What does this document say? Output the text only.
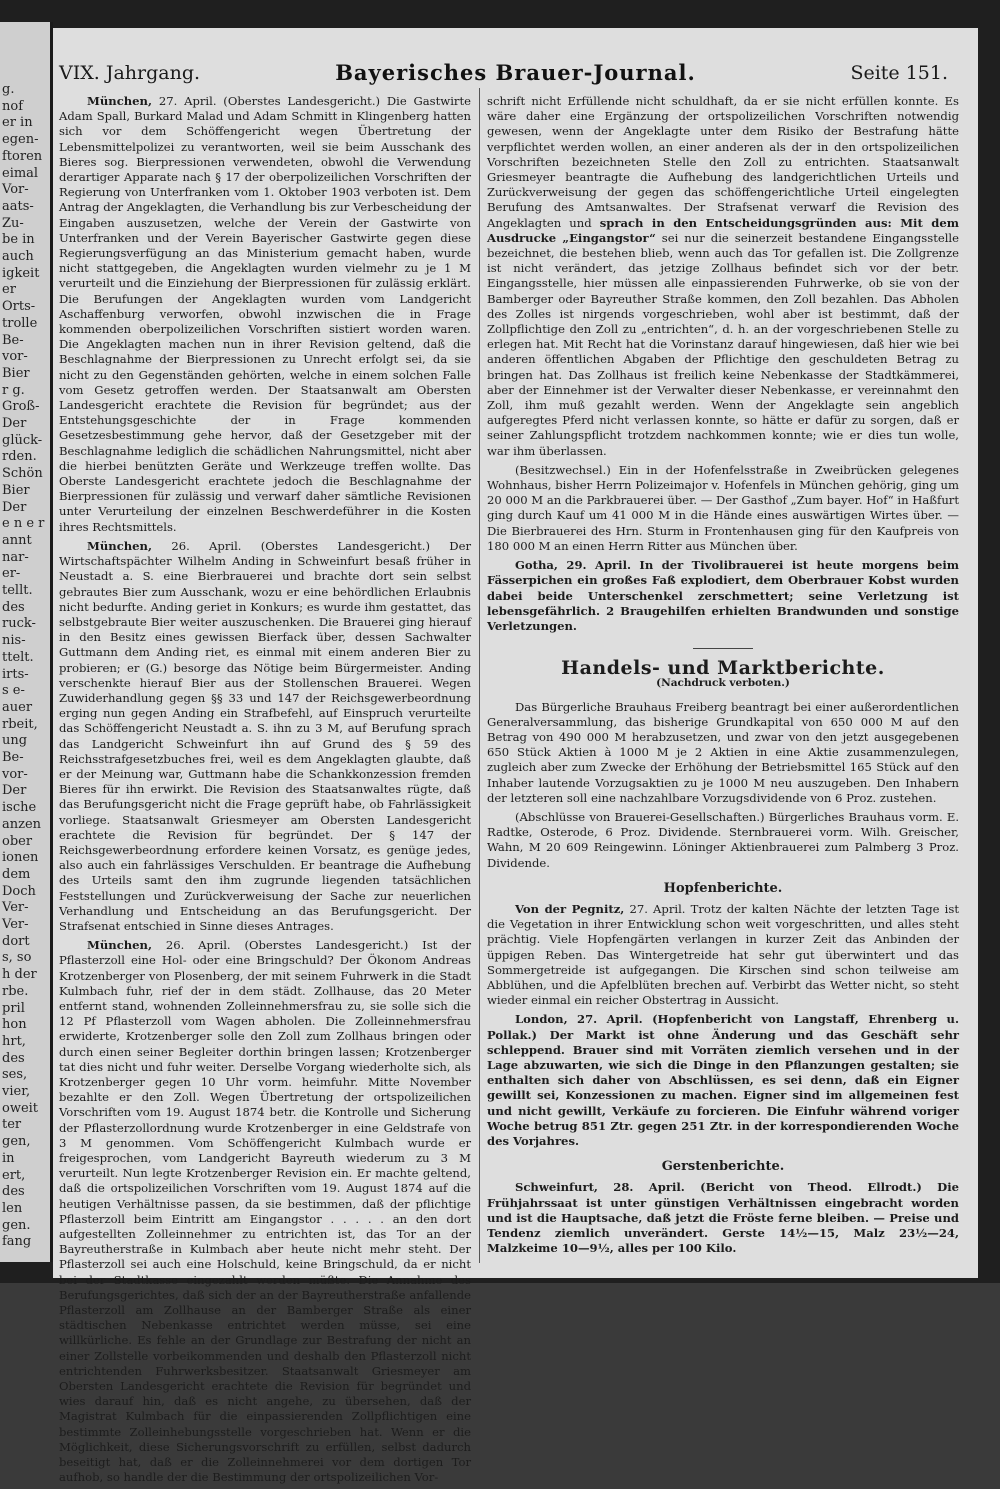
g.
nof
er in
egen-
ftoren
eimal
Vor-
aats-
Zu-
be in
auch
igkeit
er
Orts-
trolle
Be-
vor-
Bier
r g.
Groß-
Der
glück-
rden.
Schön
Bier
Der
e n e r
annt
nar-
er-
tellt.
des
ruck-
nis-
ttelt.
irts-
s e-
auer
rbeit,
ung
Be-
vor-
Der
ische
anzen
ober
ionen
dem
Doch
Ver-
Ver-
dort
s, so
h der
rbe.
pril
hon
hrt,
des
ses,
vier,
oweit
ter
gen,
in
ert,
des
len
gen.
fang
VIX. Jahrgang.	Bayerisches Brauer-Journal.	Seite 151.

München, 27. April. (Oberstes Landesgericht.) Die Gastwirte Adam Spall, Burkard Malad und Adam Schmitt in Klingenberg hatten sich vor dem Schöffengericht wegen Übertretung der Lebensmittelpolizei zu verantworten, weil sie beim Ausschank des Bieres sog. Bierpressionen verwendeten, obwohl die Verwendung derartiger Apparate nach § 17 der oberpolizeilichen Vorschriften der Regierung von Unterfranken vom 1. Oktober 1903 verboten ist. Dem Antrag der Angeklagten, die Verhandlung bis zur Verbescheidung der Eingaben auszusetzen, welche der Verein der Gastwirte von Unterfranken und der Verein Bayerischer Gastwirte gegen diese Regierungsverfügung an das Ministerium gemacht haben, wurde nicht stattgegeben, die Angeklagten wurden vielmehr zu je 1 M verurteilt und die Einziehung der Bierpressionen für zulässig erklärt. Die Berufungen der Angeklagten wurden vom Landgericht Aschaffenburg verworfen, obwohl inzwischen die in Frage kommenden oberpolizeilichen Vorschriften sistiert worden waren. Die Angeklagten machen nun in ihrer Revision geltend, daß die Beschlagnahme der Bierpressionen zu Unrecht erfolgt sei, da sie nicht zu den Gegenständen gehörten, welche in einem solchen Falle vom Gesetz getroffen werden. Der Staatsanwalt am Obersten Landesgericht erachtete die Revision für begründet; aus der Entstehungsgeschichte der in Frage kommenden Gesetzesbestimmung gehe hervor, daß der Gesetzgeber mit der Beschlagnahme lediglich die schädlichen Nahrungsmittel, nicht aber die hierbei benützten Geräte und Werkzeuge treffen wollte. Das Oberste Landesgericht erachtete jedoch die Beschlagnahme der Bierpressionen für zulässig und verwarf daher sämtliche Revisionen unter Verurteilung der einzelnen Beschwerdeführer in die Kosten ihres Rechtsmittels.

München, 26. April. (Oberstes Landesgericht.) Der Wirtschaftspächter Wilhelm Anding in Schweinfurt besaß früher in Neustadt a. S. eine Bierbrauerei und brachte dort sein selbst gebrautes Bier zum Ausschank, wozu er eine behördlichen Erlaubnis nicht bedurfte. Anding geriet in Konkurs; es wurde ihm gestattet, das selbstgebraute Bier weiter auszuschenken. Die Brauerei ging hierauf in den Besitz eines gewissen Bierfack über, dessen Sachwalter Guttmann dem Anding riet, es einmal mit einem anderen Bier zu probieren; er (G.) besorge das Nötige beim Bürgermeister. Anding verschenkte hierauf Bier aus der Stollenschen Brauerei. Wegen Zuwiderhandlung gegen §§ 33 und 147 der Reichsgewerbeordnung erging nun gegen Anding ein Strafbefehl, auf Einspruch verurteilte das Schöffengericht Neustadt a. S. ihn zu 3 M, auf Berufung sprach das Landgericht Schweinfurt ihn auf Grund des § 59 des Reichsstrafgesetzbuches frei, weil es dem Angeklagten glaubte, daß er der Meinung war, Guttmann habe die Schankkonzession fremden Bieres für ihn erwirkt. Die Revision des Staatsanwaltes rügte, daß das Berufungsgericht nicht die Frage geprüft habe, ob Fahrlässigkeit vorliege. Staatsanwalt Griesmeyer am Obersten Landesgericht erachtete die Revision für begründet. Der § 147 der Reichsgewerbeordnung erfordere keinen Vorsatz, es genüge jedes, also auch ein fahrlässiges Verschulden. Er beantrage die Aufhebung des Urteils samt den ihm zugrunde liegenden tatsächlichen Feststellungen und Zurückverweisung der Sache zur neuerlichen Verhandlung und Entscheidung an das Berufungsgericht. Der Strafsenat entschied in Sinne dieses Antrages.

München, 26. April. (Oberstes Landesgericht.) Ist der Pflasterzoll eine Hol- oder eine Bringschuld? Der Ökonom Andreas Krotzenberger von Plosenberg, der mit seinem Fuhrwerk in die Stadt Kulmbach fuhr, rief der in dem städt. Zollhause, das 20 Meter entfernt stand, wohnenden Zolleinnehmersfrau zu, sie solle sich die 12 Pf Pflasterzoll vom Wagen abholen. Die Zolleinnehmersfrau erwiderte, Krotzenberger solle den Zoll zum Zollhaus bringen oder durch einen seiner Begleiter dorthin bringen lassen; Krotzenberger tat dies nicht und fuhr weiter. Derselbe Vorgang wiederholte sich, als Krotzenberger gegen 10 Uhr vorm. heimfuhr. Mitte November bezahlte er den Zoll. Wegen Übertretung der ortspolizeilichen Vorschriften vom 19. August 1874 betr. die Kontrolle und Sicherung der Pflasterzollordnung wurde Krotzenberger in eine Geldstrafe von 3 M genommen. Vom Schöffengericht Kulmbach wurde er freigesprochen, vom Landgericht Bayreuth wiederum zu 3 M verurteilt. Nun legte Krotzenberger Revision ein. Er machte geltend, daß die ortspolizeilichen Vorschriften vom 19. August 1874 auf die heutigen Verhältnisse passen, da sie bestimmen, daß der pflichtige Pflasterzoll beim Eintritt am Eingangstor . . . . . an den dort aufgestellten Zolleinnehmer zu entrichten ist, das Tor an der Bayreutherstraße in Kulmbach aber heute nicht mehr steht. Der Pflasterzoll sei auch eine Holschuld, keine Bringschuld, da er nicht bei der Stadtkasse eingezahlt werden müßte. Die Annahme des Berufungsgerichtes, daß sich der an der Bayreutherstraße anfallende Pflasterzoll am Zollhause an der Bamberger Straße als einer städtischen Nebenkasse entrichtet werden müsse, sei eine willkürliche. Es fehle an der Grundlage zur Bestrafung der nicht an einer Zollstelle vorbeikommenden und deshalb den Pflasterzoll nicht entrichtenden Fuhrwerksbesitzer. Staatsanwalt Griesmeyer am Obersten Landesgericht erachtete die Revision für begründet und wies darauf hin, daß es nicht angehe, zu übersehen, daß der Magistrat Kulmbach für die einpassierenden Zollpflichtigen eine bestimmte Zolleinhebungsstelle vorgeschrieben hat. Wenn er die Möglichkeit, diese Sicherungsvorschrift zu erfüllen, selbst dadurch beseitigt hat, daß er die Zolleinnehmerei vor dem dortigen Tor aufhob, so handle der die Bestimmung der ortspolizeilichen Vor-

schrift nicht Erfüllende nicht schuldhaft, da er sie nicht erfüllen konnte. Es wäre daher eine Ergänzung der ortspolizeilichen Vorschriften notwendig gewesen, wenn der Angeklagte unter dem Risiko der Bestrafung hätte verpflichtet werden wollen, an einer anderen als der in den ortspolizeilichen Vorschriften bezeichneten Stelle den Zoll zu entrichten. Staatsanwalt Griesmeyer beantragte die Aufhebung des landgerichtlichen Urteils und Zurückverweisung der gegen das schöffengerichtliche Urteil eingelegten Berufung des Amtsanwaltes. Der Strafsenat verwarf die Revision des Angeklagten und sprach in den Entscheidungsgründen aus: Mit dem Ausdrucke „Eingangstor“ sei nur die seinerzeit bestandene Eingangsstelle bezeichnet, die bestehen blieb, wenn auch das Tor gefallen ist. Die Zollgrenze ist nicht verändert, das jetzige Zollhaus befindet sich vor der betr. Eingangsstelle, hier müssen alle einpassierenden Fuhrwerke, ob sie von der Bamberger oder Bayreuther Straße kommen, den Zoll bezahlen. Das Abholen des Zolles ist nirgends vorgeschrieben, wohl aber ist bestimmt, daß der Zollpflichtige den Zoll zu „entrichten“, d. h. an der vorgeschriebenen Stelle zu erlegen hat. Mit Recht hat die Vorinstanz darauf hingewiesen, daß hier wie bei anderen öffentlichen Abgaben der Pflichtige den geschuldeten Betrag zu bringen hat. Das Zollhaus ist freilich keine Nebenkasse der Stadtkämmerei, aber der Einnehmer ist der Verwalter dieser Nebenkasse, er vereinnahmt den Zoll, ihm muß gezahlt werden. Wenn der Angeklagte sein angeblich aufgeregtes Pferd nicht verlassen konnte, so hätte er dafür zu sorgen, daß er seiner Zahlungspflicht trotzdem nachkommen konnte; wie er dies tun wolle, war ihm überlassen.

(Besitzwechsel.) Ein in der Hofenfelsstraße in Zweibrücken gelegenes Wohnhaus, bisher Herrn Polizeimajor v. Hofenfels in München gehörig, ging um 20 000 M an die Parkbrauerei über. — Der Gasthof „Zum bayer. Hof“ in Haßfurt ging durch Kauf um 41 000 M in die Hände eines auswärtigen Wirtes über. — Die Bierbrauerei des Hrn. Sturm in Frontenhausen ging für den Kaufpreis von 180 000 M an einen Herrn Ritter aus München über.

Gotha, 29. April. In der Tivolibrauerei ist heute morgens beim Fässerpichen ein großes Faß explodiert, dem Oberbrauer Kobst wurden dabei beide Unterschenkel zerschmettert; seine Verletzung ist lebensgefährlich. 2 Braugehilfen erhielten Brandwunden und sonstige Verletzungen.

Handels- und Marktberichte.
(Nachdruck verboten.)

Das Bürgerliche Brauhaus Freiberg beantragt bei einer außerordentlichen Generalversammlung, das bisherige Grundkapital von 650 000 M auf den Betrag von 490 000 M herabzusetzen, und zwar von den jetzt ausgegebenen 650 Stück Aktien à 1000 M je 2 Aktien in eine Aktie zusammenzulegen, zugleich aber zum Zwecke der Erhöhung der Betriebsmittel 165 Stück auf den Inhaber lautende Vorzugsaktien zu je 1000 M neu auszugeben. Den Inhabern der letzteren soll eine nachzahlbare Vorzugsdividende von 6 Proz. zustehen.

(Abschlüsse von Brauerei-Gesellschaften.) Bürgerliches Brauhaus vorm. E. Radtke, Osterode, 6 Proz. Dividende. Sternbrauerei vorm. Wilh. Greischer, Wahn, M 20 609 Reingewinn. Löninger Aktienbrauerei zum Palmberg 3 Proz. Dividende.

Hopfenberichte.

Von der Pegnitz, 27. April. Trotz der kalten Nächte der letzten Tage ist die Vegetation in ihrer Entwicklung schon weit vorgeschritten, und alles steht prächtig. Viele Hopfengärten verlangen in kurzer Zeit das Anbinden der üppigen Reben. Das Wintergetreide hat sehr gut überwintert und das Sommergetreide ist aufgegangen. Die Kirschen sind schon teilweise am Abblühen, und die Apfelblüten brechen auf. Verbirbt das Wetter nicht, so steht wieder einmal ein reicher Obstertrag in Aussicht.

London, 27. April. (Hopfenbericht von Langstaff, Ehrenberg u. Pollak.) Der Markt ist ohne Änderung und das Geschäft sehr schleppend. Brauer sind mit Vorräten ziemlich versehen und in der Lage abzuwarten, wie sich die Dinge in den Pflanzungen gestalten; sie enthalten sich daher von Abschlüssen, es sei denn, daß ein Eigner gewillt sei, Konzessionen zu machen. Eigner sind im allgemeinen fest und nicht gewillt, Verkäufe zu forcieren. Die Einfuhr während voriger Woche betrug 851 Ztr. gegen 251 Ztr. in der korrespondierenden Woche des Vorjahres.

Gerstenberichte.

Schweinfurt, 28. April. (Bericht von Theod. Ellrodt.) Die Frühjahrssaat ist unter günstigen Verhältnissen eingebracht worden und ist die Hauptsache, daß jetzt die Fröste ferne bleiben. — Preise und Tendenz ziemlich unverändert. Gerste 14½—15, Malz 23½—24, Malzkeime 10—9½, alles per 100 Kilo.
